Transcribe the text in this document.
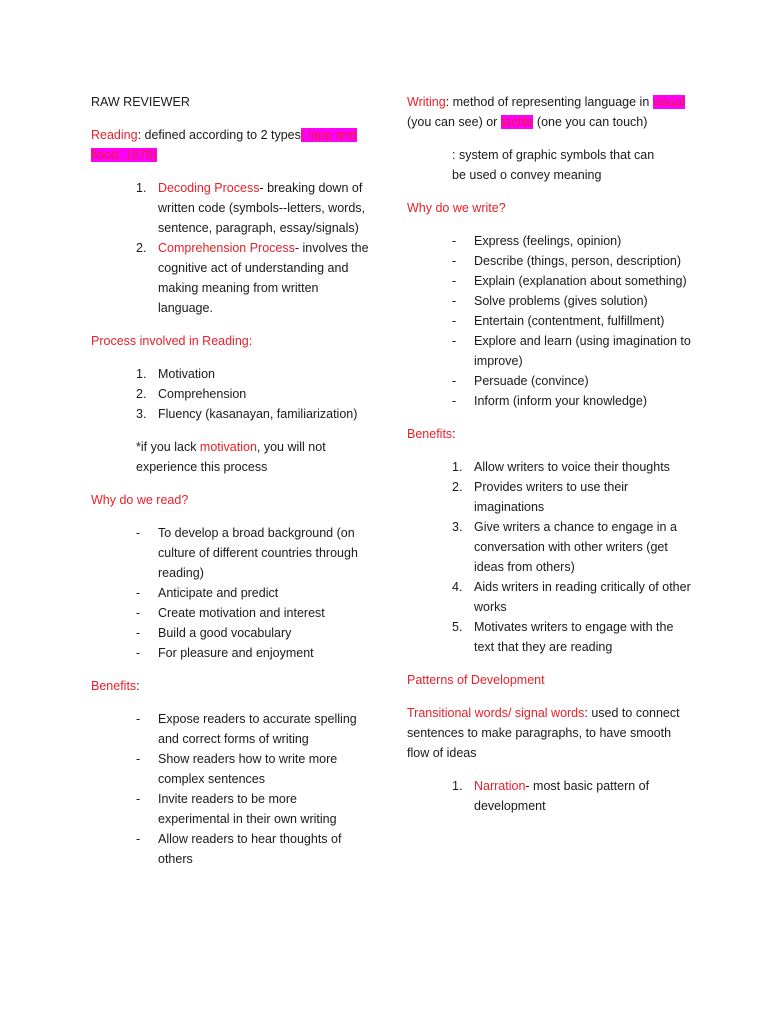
RAW REVIEWER

Reading: defined according to 2 types( lapp and flood, 1978)

1. Decoding Process- breaking down of written code (symbols--letters, words, sentence, paragraph, essay/signals)
2. Comprehension Process- involves the cognitive act of understanding and making meaning from written language.

Process involved in Reading:

1. Motivation
2. Comprehension
3. Fluency (kasanayan, familiarization)

*if you lack motivation, you will not experience this process

Why do we read?

- To develop a broad background (on culture of different countries through reading)
- Anticipate and predict
- Create motivation and interest
- Build a good vocabulary
- For pleasure and enjoyment

Benefits:

- Expose readers to accurate spelling and correct forms of writing
- Show readers how to write more complex sentences
- Invite readers to be more experimental in their own writing
- Allow readers to hear thoughts of others

Writing: method of representing language in visual (you can see) or tactile (one you can touch)

: system of graphic symbols that can be used o convey meaning

Why do we write?

- Express (feelings, opinion)
- Describe (things, person, description)
- Explain (explanation about something)
- Solve problems (gives solution)
- Entertain (contentment, fulfillment)
- Explore and learn (using imagination to improve)
- Persuade (convince)
- Inform (inform your knowledge)

Benefits:

1. Allow writers to voice their thoughts
2. Provides writers to use their imaginations
3. Give writers a chance to engage in a conversation with other writers (get ideas from others)
4. Aids writers in reading critically of other works
5. Motivates writers to engage with the text that they are reading

Patterns of Development

Transitional words/ signal words: used to connect sentences to make paragraphs, to have smooth flow of ideas

1. Narration- most basic pattern of development
